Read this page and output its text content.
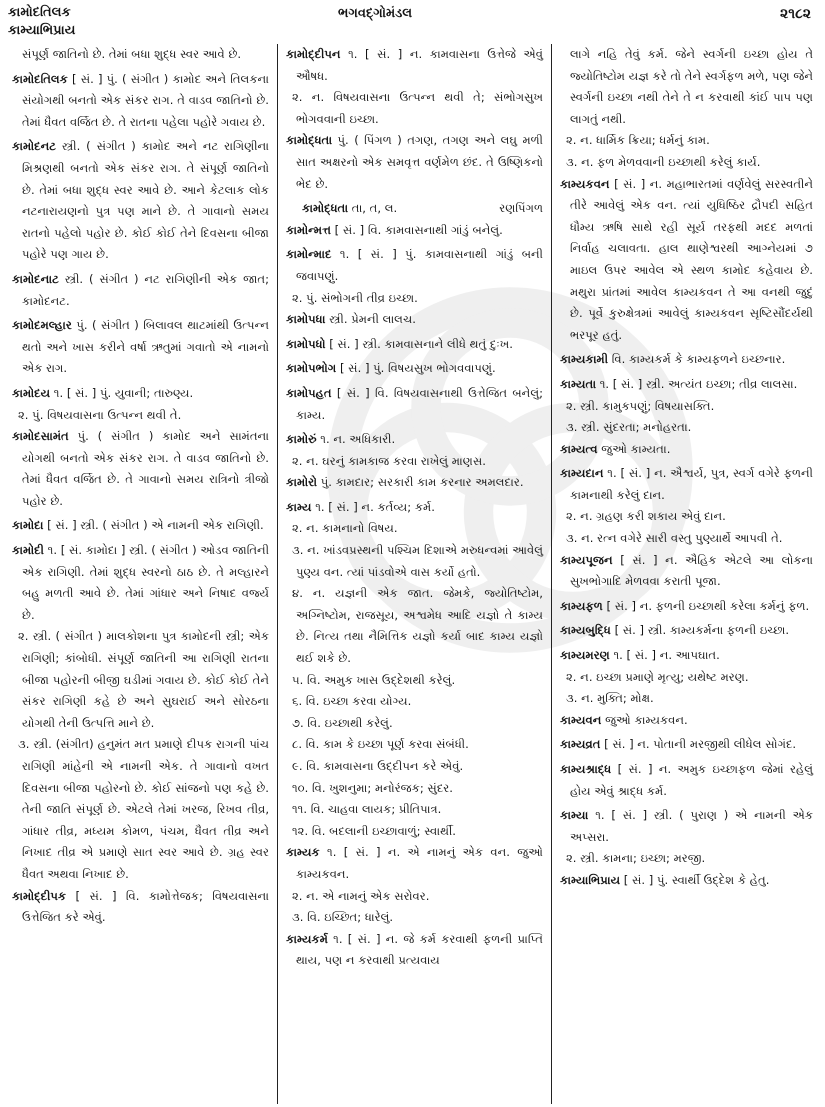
કામોદતિલક
કામ્યાભિપ્રાય
ભગવદ્ગોમંડલ	૨૧૮૨
સંપૂર્ણ જાતિનો છે. તેમાં બધા શુદ્ધ સ્વર આવે છે.
કામોદતિલક [ સં. ] પું. ( સંગીત ) કામોદ અને તિલકના સંયોગથી બનતો એક સંકર રાગ. તે વાડવ જાતિનો છે. તેમાં ધૈવત વર્જિત છે. તે રાતના પહેલા પહોરે ગવાય છે.
કામોદનટ સ્ત્રી. ( સંગીત ) કામોદ અને નટ રાગિણીના મિશ્રણથી બનતો એક સંકર રાગ. તે સંપૂર્ણ જાતિનો છે. તેમાં બધા શુદ્ધ સ્વર આવે છે. આને કેટલાક લોક નટનારાયણનો પુત્ર પણ માને છે. તે ગાવાનો સમય રાતનો પહેલો પહોર છે. કોઈ કોઈ તેને દિવસના બીજા પહોરે પણ ગાય છે.
કામોદનાટ સ્ત્રી. ( સંગીત ) નટ રાગિણીની એક જાત; કામોદનટ.
કામોદમલ્હાર પું. ( સંગીત ) બિલાવલ થાટમાંથી ઉત્પન્ન થતો અને ખાસ કરીને વર્ષા ઋતુમાં ગવાતો એ નામનો એક રાગ.
કામોદય ૧. [ સં. ] પું. યુવાની; તારુણ્ય.
૨. પું. વિષયવાસના ઉત્પન્ન થવી તે.
કામોદસામંત પું. ( સંગીત ) કામોદ અને સામંતના યોગથી બનતો એક સંકર રાગ. તે વાડવ જાતિનો છે. તેમાં ધૈવત વર્જિત છે. તે ગાવાનો સમય રાત્રિનો ત્રીજો પહોર છે.
કામોદા [ સં. ] સ્ત્રી. ( સંગીત ) એ નામની એક રાગિણી.
કામોદી ૧. [ સં. કામોદા ] સ્ત્રી. ( સંગીત ) ઓડવ જાતિની એક રાગિણી. તેમાં શુદ્ધ સ્વરનો ઠાઠ છે. તે મલ્હારને બહુ મળતી આવે છે. તેમાં ગાંધાર અને નિષાદ વર્જ્ય છે.
૨. સ્ત્રી. ( સંગીત ) માલકોશના પુત્ર કામોદની સ્ત્રી; એક રાગિણી; કાંબોધી. સંપૂર્ણ જાતિની આ રાગિણી રાતના બીજા પહોરની બીજી ઘડીમાં ગવાય છે. કોઈ કોઈ તેને સંકર રાગિણી કહે છે અને સુઘરાઈ અને સોરઠના યોગથી તેની ઉત્પત્તિ માને છે.
૩. સ્ત્રી. (સંગીત) હનુમંત મત પ્રમાણે દીપક રાગની પાંચ રાગિણી માંહેની એ નામની એક. તે ગાવાનો વખત દિવસના બીજા પહોરનો છે. કોઈ સાંજનો પણ કહે છે. તેની જાતિ સંપૂર્ણ છે. એટલે તેમાં ખરજ, રિખવ તીવ્ર, ગાંધાર તીવ્ર, મધ્યમ કોમળ, પંચમ, ધૈવત તીવ્ર અને નિખાદ તીવ્ર એ પ્રમાણે સાત સ્વર આવે છે. ગ્રહ સ્વર ધૈવત અથવા નિખાદ છે.
કામોદ્દીપક [ સં. ] વિ. કામોત્તેજક; વિષયવાસના ઉત્તેજિત કરે એવું.
કામોદ્દીપન ૧. [ સં. ] ન. કામવાસના ઉત્તેજે એવું ઔષધ.
૨. ન. વિષયવાસના ઉત્પન્ન થવી તે; સંભોગસુખ ભોગવવાની ઇચ્છા.
કામોદ્ધતા પું. ( પિંગળ ) તગણ, તગણ અને લઘુ મળી સાત અક્ષરનો એક સમવૃત્ત વર્ણમેળ છંદ. તે ઉષ્ણિકનો ભેદ છે.
કામોદ્ધતા તા, ત, લ.	રણપિંગળ
કામોન્મત્ત [ સં. ] વિ. કામવાસનાથી ગાંડું બનેલું.
કામોન્માદ ૧. [ સં. ] પું. કામવાસનાથી ગાંડું બની જવાપણું.
૨. પું. સંભોગની તીવ્ર ઇચ્છા.
કામોપધા સ્ત્રી. પ્રેમની લાલચ.
કામોપધો [ સં. ] સ્ત્રી. કામવાસનાને લીધે થતું દુઃખ.
કામોપભોગ [ સં. ] પું. વિષયસુખ ભોગવવાપણું.
કામોપહત [ સં. ] વિ. વિષયવાસનાથી ઉત્તેજિત બનેલું; કામ્ય.
કામોરું ૧. ન. અધિકારી.
૨. ન. ઘરનું કામકાજ કરવા રાખેલું માણસ.
કામોરો પું. કામદાર; સરકારી કામ કરનાર અમલદાર.
કામ્ય ૧. [ સં. ] ન. કર્તવ્ય; કર્મ.
૨. ન. કામનાનો વિષય.
૩. ન. ખાંડવપ્રસ્થની પશ્ચિમ દિશાએ મરુધન્વમાં આવેલું પુણ્ય વન. ત્યાં પાંડવોએ વાસ કર્યો હતો.
૪. ન. યજ્ઞની એક જાત. જેમકે, જ્યોતિષ્ટોમ, અગ્નિષ્ટોમ, રાજસૂય, અશ્વમેધ આદિ યજ્ઞો તે કામ્ય છે. નિત્ય તથા નૈમિત્તિક યજ્ઞો કર્યા બાદ કામ્ય યજ્ઞો થઈ શકે છે.
૫. વિ. અમુક ખાસ ઉદ્દેશથી કરેલું.
૬. વિ. ઇચ્છા કરવા યોગ્ય.
૭. વિ. ઇચ્છાથી કરેલું.
૮. વિ. કામ કે ઇચ્છા પૂર્ણ કરવા સંબંધી.
૯. વિ. કામવાસના ઉદ્દીપન કરે એવું.
૧૦. વિ. ખુશનુમા; મનોરંજક; સુંદર.
૧૧. વિ. ચાહવા લાયક; પ્રીતિપાત્ર.
૧૨. વિ. બદલાની ઇચ્છાવાળું; સ્વાર્થી.
કામ્યક ૧. [ સં. ] ન. એ નામનું એક વન. જુઓ કામ્યકવન.
૨. ન. એ નામનું એક સરોવર.
૩. વિ. ઇચ્છિત; ધારેલું.
કામ્યકર્મ ૧. [ સં. ] ન. જે કર્મ કરવાથી ફળની પ્રાપ્તિ થાય, પણ ન કરવાથી પ્રત્યવાય
લાગે નહિ તેવું કર્મ. જેને સ્વર્ગની ઇચ્છા હોય તે જ્યોતિષ્ટોમ યજ્ઞ કરે તો તેને સ્વર્ગફળ મળે, પણ જેને સ્વર્ગની ઇચ્છા નથી તેને તે ન કરવાથી કાંઈ પાપ પણ લાગતું નથી.
૨. ન. ધાર્મિક ક્રિયા; ધર્મનું કામ.
૩. ન. ફળ મેળવવાની ઇચ્છાથી કરેલું કાર્ય.
કામ્યકવન [ સં. ] ન. મહાભારતમાં વર્ણવેલું સરસ્વતીને તીરે આવેલું એક વન. ત્યાં યુધિષ્ઠિર દ્રૌપદી સહિત ધૌમ્ય ઋષિ સાથે રહી સૂર્ય તરફથી મદદ મળતાં નિર્વાહ ચલાવતા. હાલ થાણેશ્વરથી આગ્નેયમાં ૭ માઇલ ઉપર આવેલ એ સ્થળ કામોદ કહેવાય છે. મથુરા પ્રાંતમાં આવેલ કામ્યકવન તે આ વનથી જુદું છે. પૂર્વે કુરુક્ષેત્રમાં આવેલું કામ્યકવન સૃષ્ટિસૌંદર્યથી ભરપૂર હતું.
કામ્યકામી વિ. કામ્યકર્મ કે કામ્યફળને ઇચ્છનાર.
કામ્યતા ૧. [ સં. ] સ્ત્રી. અત્યંત ઇચ્છા; તીવ્ર લાલસા.
૨. સ્ત્રી. કામુકપણું; વિષયાસક્તિ.
૩. સ્ત્રી. સુંદરતા; મનોહરતા.
કામ્યત્વ જુઓ કામ્યતા.
કામ્યદાન ૧. [ સં. ] ન. ઐશ્વર્ય, પુત્ર, સ્વર્ગ વગેરે ફળની કામનાથી કરેલું દાન.
૨. ન. ગ્રહણ કરી શકાય એવું દાન.
૩. ન. રત્ન વગેરે સારી વસ્તુ પુણ્યાર્થે આપવી તે.
કામ્યપૂજન [ સં. ] ન. ઐહિક એટલે આ લોકના સુખભોગાદિ મેળવવા કરાતી પૂજા.
કામ્યફળ [ સં. ] ન. ફળની ઇચ્છાથી કરેલા કર્મનું ફળ.
કામ્યબુદ્ધિ [ સં. ] સ્ત્રી. કામ્યકર્મના ફળની ઇચ્છા.
કામ્યમરણ ૧. [ સં. ] ન. આપઘાત.
૨. ન. ઇચ્છા પ્રમાણે મૃત્યુ; યથેષ્ટ મરણ.
૩. ન. મુક્તિ; મોક્ષ.
કામ્યવન જુઓ કામ્યકવન.
કામ્યવ્રત [ સં. ] ન. પોતાની મરજીથી લીધેલ સોગંદ.
કામ્યશ્રાદ્ધ [ સં. ] ન. અમુક ઇચ્છાફળ જેમાં રહેલું હોય એવું શ્રાદ્ધ કર્મ.
કામ્યા ૧. [ સં. ] સ્ત્રી. ( પુરાણ ) એ નામની એક અપ્સરા.
૨. સ્ત્રી. કામના; ઇચ્છા; મરજી.
કામ્યાભિપ્રાય [ સં. ] પું. સ્વાર્થી ઉદ્દેશ કે હેતુ.
